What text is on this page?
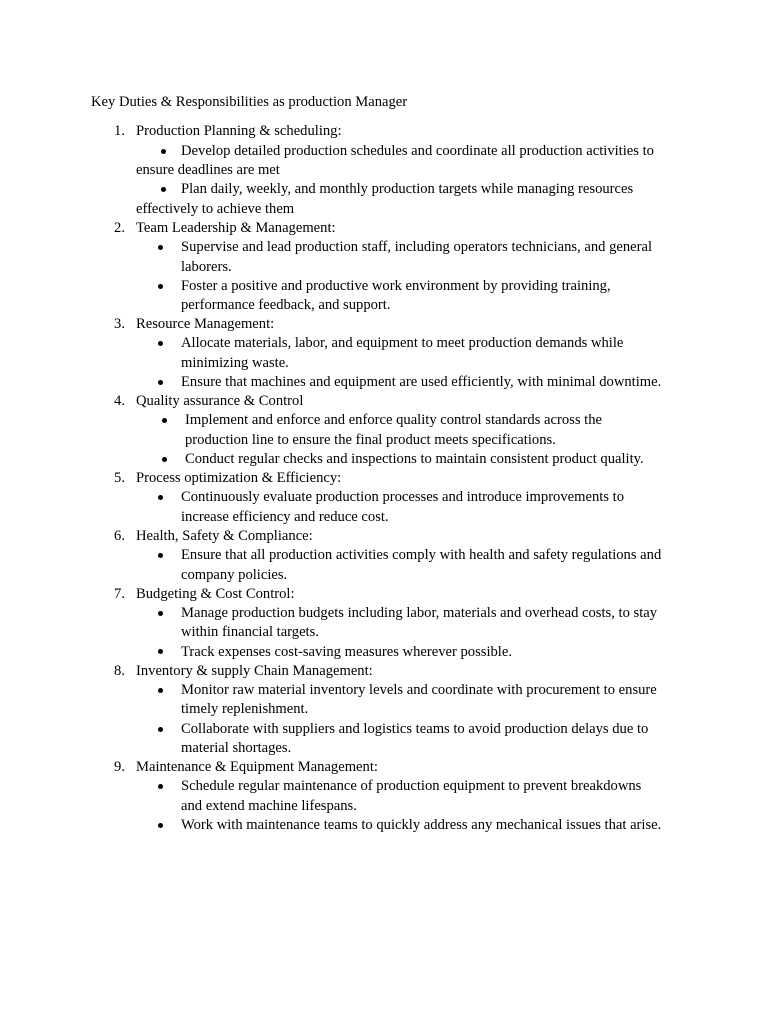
Key Duties & Responsibilities as production Manager
1. Production Planning & scheduling:
Develop detailed production schedules and coordinate all production activities to
ensure deadlines are met
Plan daily, weekly, and monthly production targets while managing resources
effectively to achieve them
2. Team Leadership & Management:
Supervise and lead production staff, including operators technicians, and general
laborers.
Foster a positive and productive work environment by providing training,
performance feedback, and support.
3. Resource Management:
Allocate materials, labor, and equipment to meet production demands while
minimizing waste.
Ensure that machines and equipment are used efficiently, with minimal downtime.
4. Quality assurance & Control
Implement and enforce and enforce quality control standards across the
production line to ensure the final product meets specifications.
Conduct regular checks and inspections to maintain consistent product quality.
5. Process optimization & Efficiency:
Continuously evaluate production processes and introduce improvements to
increase efficiency and reduce cost.
6. Health, Safety & Compliance:
Ensure that all production activities comply with health and safety regulations and
company policies.
7. Budgeting & Cost Control:
Manage production budgets including labor, materials and overhead costs, to stay
within financial targets.
Track expenses cost-saving measures wherever possible.
8. Inventory & supply Chain Management:
Monitor raw material inventory levels and coordinate with procurement to ensure
timely replenishment.
Collaborate with suppliers and logistics teams to avoid production delays due to
material shortages.
9. Maintenance & Equipment Management:
Schedule regular maintenance of production equipment to prevent breakdowns
and extend machine lifespans.
Work with maintenance teams to quickly address any mechanical issues that arise.
